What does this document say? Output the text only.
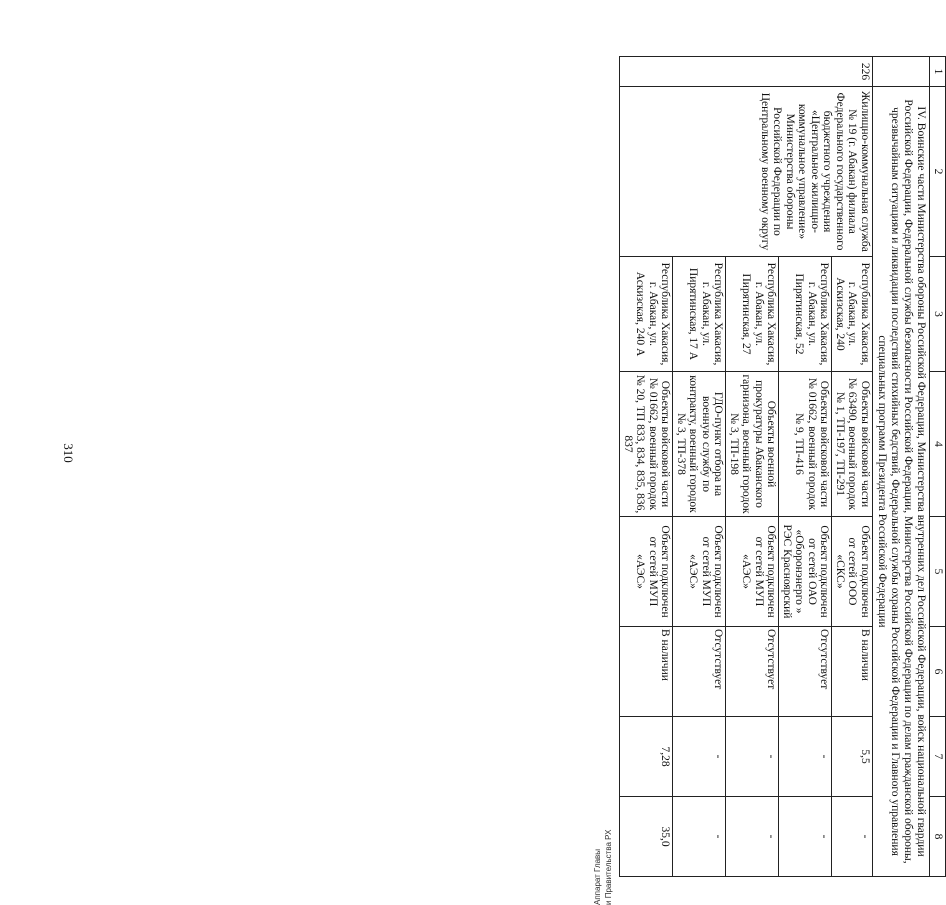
310
Аппарат Главы и Правительства РХ
1	2	3	4	5	6	7	8
	IV. Воинские части Министерства обороны Российской Федерации, Министерства внутренних дел Российской Федерации, войск национальной гвардии Российской Федерации, Федеральной службы безопасности Российской Федерации, Министерства Российской Федерации по делам гражданской обороны, чрезвычайным ситуациям и ликвидации последствий стихийных бедствий, Федеральной службы охраны Российской Федерации и Главного управления специальных программ Президента Российской Федерации						
226	Жилищно-коммунальная служба № 19 (г. Абакан) филиала Федерального государственного бюджетного учреждения «Центральное жилищно-коммунальное управление» Министерства обороны Российской Федерации по Центральному военному округу	Республика Хакасия, г. Абакан, ул. Аскизская, 240	Объекты войсковой части № 63490, военный городок № 1, ТП-197, ТП-291	Объект подключен от сетей ООО «СКС»	В наличии	5,5	-
		Республика Хакасия, г. Абакан, ул. Пирятинская, 52	Объекты войсковой части № 01662, военный городок № 9, ТП-416	Объект подключен от сетей ОАО «Оборонэнерго » РЭС Красноярский	Отсутствует	-	-
		Республика Хакасия, г. Абакан, ул. Пирятинская, 27	Объекты военной прокуратуры Абаканского гарнизона, военный городок № 3, ТП-198	Объект подключен от сетей МУП «АЭС»	Отсутствует	-	-
		Республика Хакасия, г. Абакан, ул. Пирятинская, 17 А	ГДО-пункт отбора на военную службу по контракту, военный городок № 3, ТП-378	Объект подключен от сетей МУП «АЭС»	Отсутствует	-	-
		Республика Хакасия, г. Абакан, ул. Аскизская, 240 А	Объекты войсковой части № 01662, военный городок № 20, ТП 833, 834, 835, 836, 837	Объект подключен от сетей МУП «АЭС»	В наличии	7,28	35,0
